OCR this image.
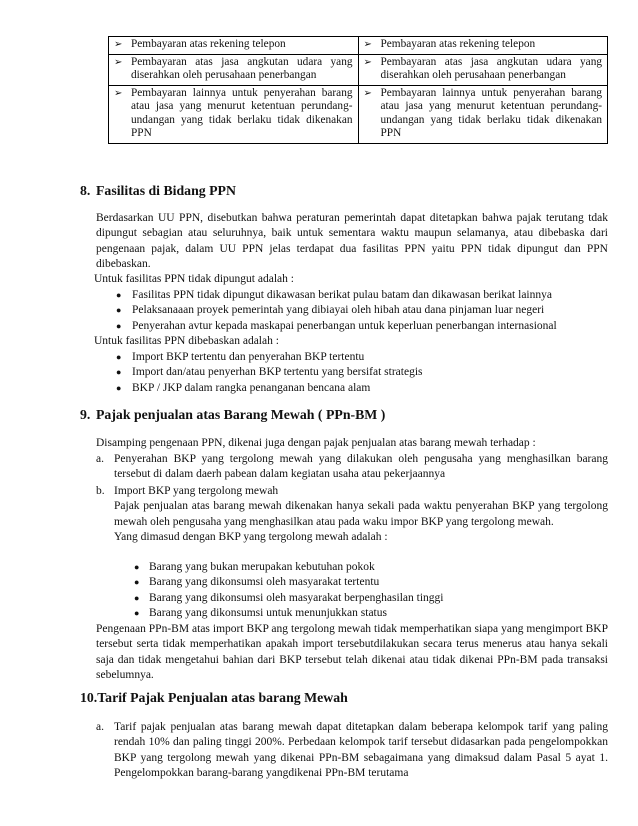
➢ Pembayaran atas rekening telepon	➢ Pembayaran atas rekening telepon

➢ Pembayaran atas jasa angkutan udara yang diserahkan oleh perusahaan penerbangan	➢ Pembayaran atas jasa angkutan udara yang diserahkan oleh perusahaan penerbangan

➢ Pembayaran lainnya untuk penyerahan barang atau jasa yang menurut ketentuan perundang-undangan yang tidak berlaku tidak dikenakan PPN	➢ Pembayaran lainnya untuk penyerahan barang atau jasa yang menurut ketentuan perundang-undangan yang tidak berlaku tidak dikenakan PPN
8. Fasilitas di Bidang PPN
Berdasarkan UU PPN, disebutkan bahwa peraturan pemerintah dapat ditetapkan bahwa pajak terutang tdak dipungut sebagian atau seluruhnya, baik untuk sementara waktu maupun selamanya, atau dibebaska dari pengenaan pajak, dalam UU PPN jelas terdapat dua fasilitas PPN yaitu PPN tidak dipungut dan PPN dibebaskan.
Untuk fasilitas PPN tidak dipungut adalah :
● Fasilitas PPN tidak dipungut dikawasan berikat pulau batam dan dikawasan berikat lainnya
● Pelaksanaaan proyek pemerintah yang dibiayai oleh hibah atau dana pinjaman luar negeri
● Penyerahan avtur kepada maskapai penerbangan untuk keperluan penerbangan internasional
Untuk fasilitas PPN dibebaskan adalah :
● Import BKP tertentu dan penyerahan BKP tertentu
● Import dan/atau penyerhan BKP tertentu yang bersifat strategis
● BKP / JKP dalam rangka penanganan bencana alam
9. Pajak penjualan atas Barang Mewah ( PPn-BM )
Disamping pengenaan PPN, dikenai juga dengan pajak penjualan atas barang mewah terhadap :
a. Penyerahan BKP yang tergolong mewah yang dilakukan oleh pengusaha yang menghasilkan barang tersebut di dalam daerh pabean dalam kegiatan usaha atau pekerjaannya
b. Import BKP yang tergolong mewah
Pajak penjualan atas barang mewah dikenakan hanya sekali pada waktu penyerahan BKP yang tergolong mewah oleh pengusaha yang menghasilkan atau pada waku impor BKP yang tergolong mewah.
Yang dimasud dengan BKP yang tergolong mewah adalah :
● Barang yang bukan merupakan kebutuhan pokok
● Barang yang dikonsumsi oleh masyarakat tertentu
● Barang yang dikonsumsi oleh masyarakat berpenghasilan tinggi
● Barang yang dikonsumsi untuk menunjukkan status
Pengenaan PPn-BM atas import BKP ang tergolong mewah tidak memperhatikan siapa yang mengimport BKP tersebut serta tidak memperhatikan apakah import tersebutdilakukan secara terus menerus atau hanya sekali saja dan tidak mengetahui bahian dari BKP tersebut telah dikenai atau tidak dikenai PPn-BM pada transaksi sebelumnya.
10.Tarif Pajak Penjualan atas barang Mewah
a. Tarif pajak penjualan atas barang mewah dapat ditetapkan dalam beberapa kelompok tarif yang paling rendah 10% dan paling tinggi 200%. Perbedaan kelompok tarif tersebut didasarkan pada pengelompokkan BKP yang tergolong mewah yang dikenai PPn-BM sebagaimana yang dimaksud dalam Pasal 5 ayat 1. Pengelompokkan barang-barang yangdikenai PPn-BM terutama
